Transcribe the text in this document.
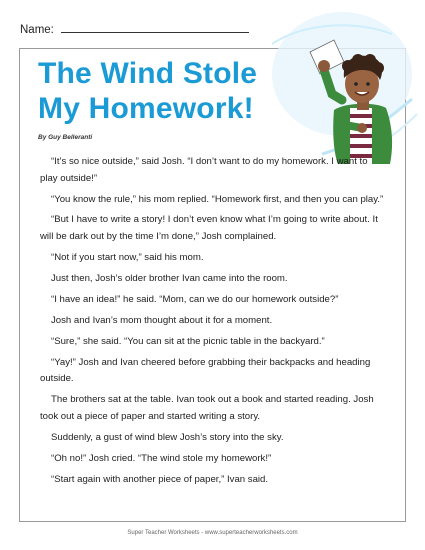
Name:
The Wind Stole
My Homework!
By Guy Belleranti

“It’s so nice outside,” said Josh. “I don’t want to do my homework. I want to play outside!”

“You know the rule,” his mom replied. “Homework first, and then you can play.”

“But I have to write a story! I don’t even know what I’m going to write about. It will be dark out by the time I’m done,” Josh complained.

“Not if you start now,” said his mom.

Just then, Josh’s older brother Ivan came into the room.

“I have an idea!” he said. “Mom, can we do our homework outside?”

Josh and Ivan’s mom thought about it for a moment.

“Sure,” she said. “You can sit at the picnic table in the backyard.”

“Yay!” Josh and Ivan cheered before grabbing their backpacks and heading outside.

The brothers sat at the table. Ivan took out a book and started reading. Josh took out a piece of paper and started writing a story.

Suddenly, a gust of wind blew Josh’s story into the sky.

“Oh no!” Josh cried. “The wind stole my homework!”

“Start again with another piece of paper,” Ivan said.

Super Teacher Worksheets - www.superteacherworksheets.com
